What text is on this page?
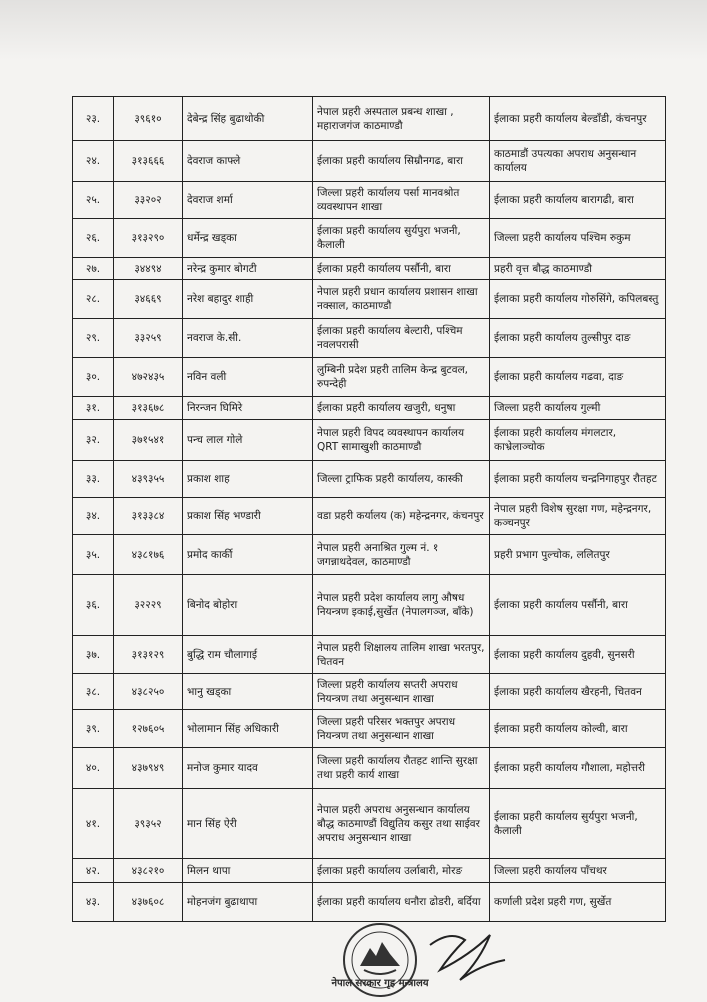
२३.	३९६१०	देबेन्द्र सिंह बुढाथोकी	नेपाल प्रहरी अस्पताल प्रबन्ध शाखा , महाराजगंज काठमाण्डौ	ईलाका प्रहरी कार्यालय बेल्डाँडी, कंचनपुर
२४.	३१३६६६	देवराज काफ्ले	ईलाका प्रहरी कार्यालय सिम्रौनगढ, बारा	काठमाडौं उपत्यका अपराध अनुसन्धान कार्यालय
२५.	३३२०२	देवराज शर्मा	जिल्ला प्रहरी कार्यालय पर्सा मानवश्रोत व्यवस्थापन शाखा	ईलाका प्रहरी कार्यालय बारागढी, बारा
२६.	३१३२९०	धर्मेन्द्र खड्का	ईलाका प्रहरी कार्यालय सुर्यपुरा भजनी, कैलाली	जिल्ला प्रहरी कार्यालय पश्चिम रुकुम
२७.	३४४९४	नरेन्द्र कुमार बोगटी	ईलाका प्रहरी कार्यालय पर्सौनी, बारा	प्रहरी वृत्त बौद्ध काठमाण्डौ
२८.	३४६६९	नरेश बहादुर शाही	नेपाल प्रहरी प्रधान कार्यालय प्रशासन शाखा नक्साल, काठमाण्डौ	ईलाका प्रहरी कार्यालय गोरुसिंगे, कपिलबस्तु
२९.	३३२५९	नवराज के.सी.	ईलाका प्रहरी कार्यालय बेल्टारी, पश्चिम नवलपरासी	ईलाका प्रहरी कार्यालय तुल्सीपुर दाङ
३०.	४७२४३५	नविन वली	लुम्बिनी प्रदेश प्रहरी तालिम केन्द्र बुटवल, रुपन्देही	ईलाका प्रहरी कार्यालय गढवा, दाङ
३१.	३१३६७८	निरन्जन घिमिरे	ईलाका प्रहरी कार्यालय खजुरी, धनुषा	जिल्ला प्रहरी कार्यालय गुल्मी
३२.	३७१५४१	पन्च लाल गोले	नेपाल प्रहरी विपद व्यवस्थापन कार्यालय QRT सामाखुशी काठमाण्डौ	ईलाका प्रहरी कार्यालय मंगलटार, काभ्रेलाञ्चोक
३३.	४३९३५५	प्रकाश शाह	जिल्ला ट्राफिक प्रहरी कार्यालय, कास्की	ईलाका प्रहरी कार्यालय चन्द्रनिगाहपुर रौतहट
३४.	३१३३८४	प्रकाश सिंह भण्डारी	वडा प्रहरी कर्यालय (क) महेन्द्रनगर, कंचनपुर	नेपाल प्रहरी विशेष सुरक्षा गण, महेन्द्रनगर, कञ्चनपुर
३५.	४३८१७६	प्रमोद कार्की	नेपाल प्रहरी अनाश्रित गुल्म नं. १ जगन्नाथदेवल, काठमाण्डौ	प्रहरी प्रभाग पुल्चोक, ललितपुर
३६.	३२२२९	बिनोद बोहोरा	नेपाल प्रहरी प्रदेश कार्यालय लागु औषध नियन्त्रण इकाई,सुर्खेत (नेपालगञ्ज, बाँके)	ईलाका प्रहरी कार्यालय पर्सौनी, बारा
३७.	३१३१२९	बुद्धि राम चौलागाई	नेपाल प्रहरी शिक्षालय तालिम शाखा भरतपुर, चितवन	ईलाका प्रहरी कार्यालय दुहवी, सुनसरी
३८.	४३८२५०	भानु खड्का	जिल्ला प्रहरी कार्यालय सप्तरी अपराध नियन्त्रण तथा अनुसन्धान शाखा	ईलाका प्रहरी कार्यालय खैरहनी, चितवन
३९.	१२७६०५	भोलामान सिंह अधिकारी	जिल्ला प्रहरी परिसर भक्तपुर अपराध नियन्त्रण तथा अनुसन्धान शाखा	ईलाका प्रहरी कार्यालय कोल्वी, बारा
४०.	४३७९४९	मनोज कुमार यादव	जिल्ला प्रहरी कार्यालय रौतहट शान्ति सुरक्षा तथा प्रहरी कार्य शाखा	ईलाका प्रहरी कार्यालय गौशाला, महोत्तरी
४१.	३९३५२	मान सिंह ऐरी	नेपाल प्रहरी अपराध अनुसन्धान कार्यालय बौद्ध काठमाण्डौं विद्युतिय कसुर तथा साईवर अपराध अनुसन्धान शाखा	ईलाका प्रहरी कार्यालय सुर्यपुरा भजनी, कैलाली
४२.	४३८२१०	मिलन थापा	ईलाका प्रहरी कार्यालय उर्लाबारी, मोरङ	जिल्ला प्रहरी कार्यालय पाँचथर
४३.	४३७६०८	मोहनजंग बुढाथापा	ईलाका प्रहरी कार्यालय धनौरा ढोडरी, बर्दिया	कर्णाली प्रदेश प्रहरी गण, सुर्खेत
नेपाल सरकार गृह मन्त्रालय
